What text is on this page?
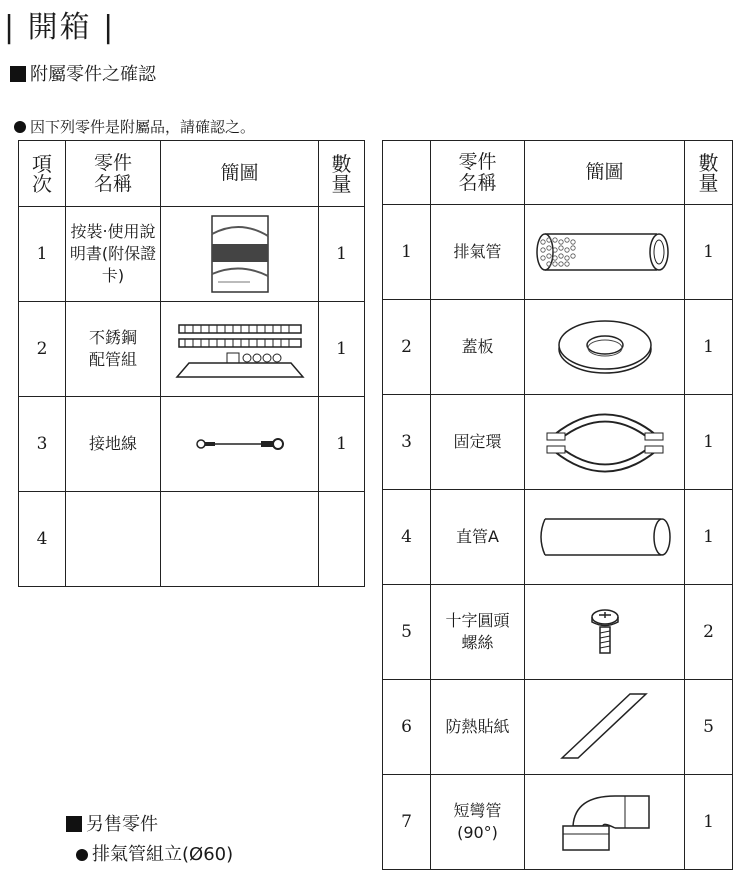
| 開箱 |
附屬零件之確認
因下列零件是附屬品，請確認之。
項次	零件名稱	簡圖	數量
1	按裝‧使用說明書(附保證卡)		1
2	不銹鋼配管組		1
3	接地線		1
4			
	零件名稱	簡圖	數量
1	排氣管		1
2	蓋板		1
3	固定環		1
4	直管A		1
5	十字圓頭螺絲		2
6	防熱貼紙		5
7	短彎管(90°)		1
另售零件
排氣管組立(Ø60)
